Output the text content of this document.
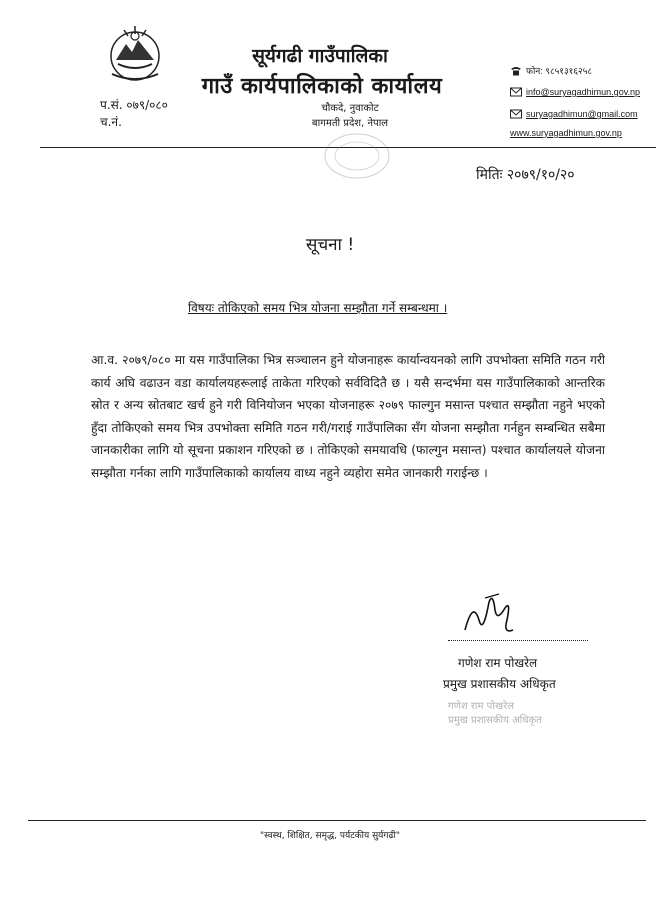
सूर्यगढी गाउँपालिका
गाउँ कार्यपालिकाको कार्यालय
चौकदे, नुवाकोट
बागमती प्रदेश, नेपाल
प.सं. ०७९/०८०
च.नं.
फोन: ९८५१३१६२५८
info@suryagadhimun.gov.np
suryagadhimun@gmail.com
www.suryagadhimun.gov.np
मितिः २०७९/१०/२०
सूचना !
विषयः तोकिएको समय भित्र योजना सम्झौता गर्ने सम्बन्धमा ।
आ.व. २०७९/०८० मा यस गाउँपालिका भित्र सञ्चालन हुने योजनाहरू कार्यान्वयनको लागि उपभोक्ता समिति गठन गरी कार्य अघि वढाउन वडा कार्यालयहरूलाई ताकेता गरिएको सर्वविदितै छ । यसै सन्दर्भमा यस गाउँपालिकाको आन्तरिक स्रोत र अन्य स्रोतबाट खर्च हुने गरी विनियोजन भएका योजनाहरू २०७९ फाल्गुन मसान्त पश्चात सम्झौता नहुने भएको हुँदा तोकिएको समय भित्र उपभोक्ता समिति गठन गरी/गराई गाउँपालिका सँग योजना सम्झौता गर्नहुन सम्बन्धित सबैमा जानकारीका लागि यो सूचना प्रकाशन गरिएको छ । तोकिएको समयावधि (फाल्गुन मसान्त) पश्चात कार्यालयले योजना सम्झौता गर्नका लागि गाउँपालिकाको कार्यालय वाध्य नहुने व्यहोरा समेत जानकारी गराईन्छ ।
गणेश राम पोखरेल
प्रमुख प्रशासकीय अधिकृत
गणेश राम पोखरेल
प्रमुख प्रशासकीय अधिकृत
"स्वस्थ, शिक्षित, समृद्ध, पर्यटकीय सुर्यगढी"
